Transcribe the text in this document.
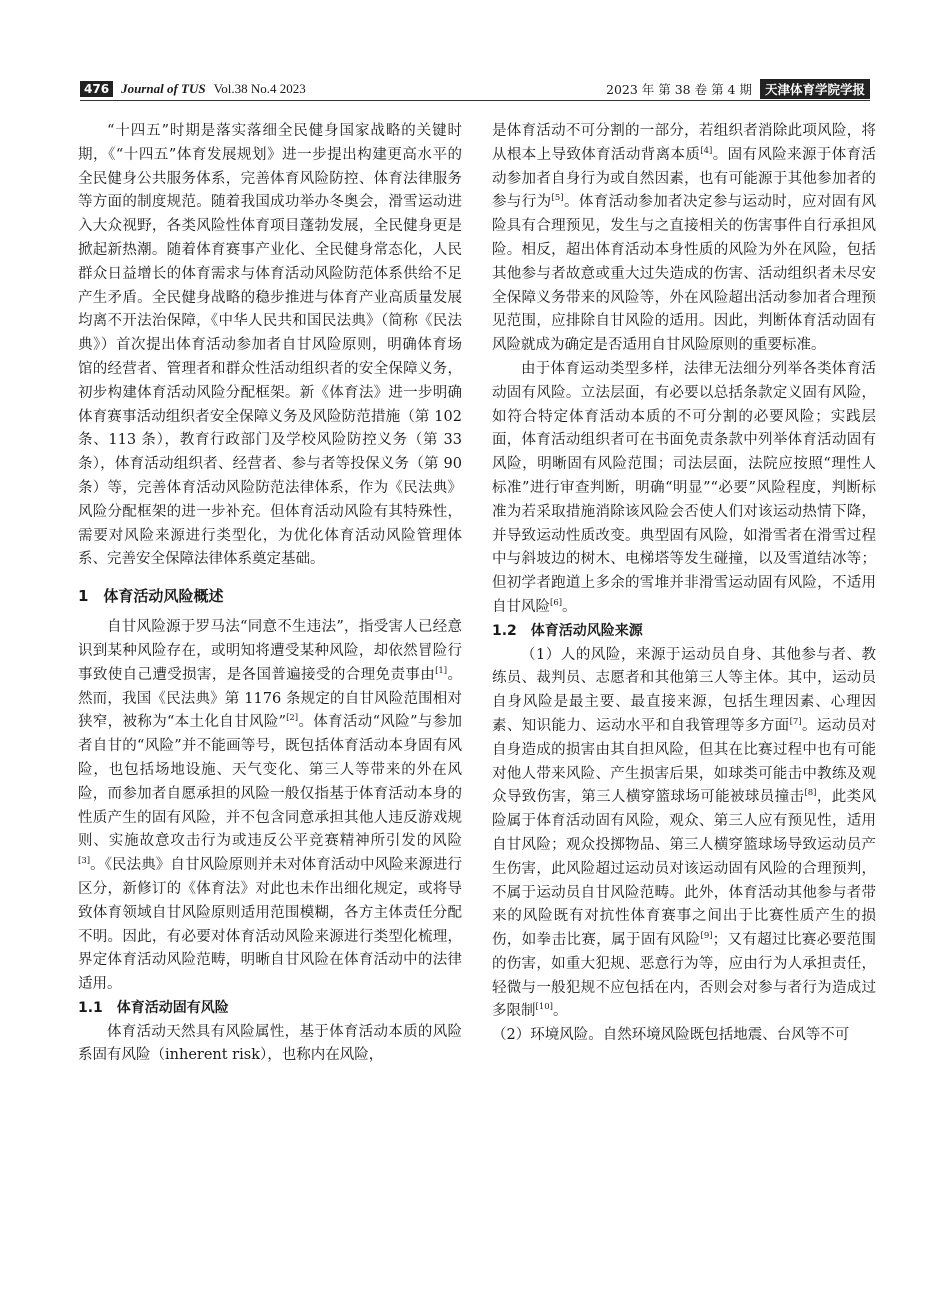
476 Journal of TUS Vol.38 No.4 2023	2023 年 第 38 卷 第 4 期	天津体育学院学报

“十四五”时期是落实落细全民健身国家战略的关键时期，《“十四五”体育发展规划》进一步提出构建更高水平的全民健身公共服务体系，完善体育风险防控、体育法律服务等方面的制度规范。随着我国成功举办冬奥会，滑雪运动进入大众视野，各类风险性体育项目蓬勃发展，全民健身更是掀起新热潮。随着体育赛事产业化、全民健身常态化，人民群众日益增长的体育需求与体育活动风险防范体系供给不足产生矛盾。全民健身战略的稳步推进与体育产业高质量发展均离不开法治保障，《中华人民共和国民法典》（简称《民法典》）首次提出体育活动参加者自甘风险原则，明确体育场馆的经营者、管理者和群众性活动组织者的安全保障义务，初步构建体育活动风险分配框架。新《体育法》进一步明确体育赛事活动组织者安全保障义务及风险防范措施（第 102 条、113 条），教育行政部门及学校风险防控义务（第 33 条），体育活动组织者、经营者、参与者等投保义务（第 90 条）等，完善体育活动风险防范法律体系，作为《民法典》风险分配框架的进一步补充。但体育活动风险有其特殊性，需要对风险来源进行类型化，为优化体育活动风险管理体系、完善安全保障法律体系奠定基础。

1　体育活动风险概述

自甘风险源于罗马法“同意不生违法”，指受害人已经意识到某种风险存在，或明知将遭受某种风险，却依然冒险行事致使自己遭受损害，是各国普遍接受的合理免责事由[1]。然而，我国《民法典》第 1176 条规定的自甘风险范围相对狭窄，被称为“本土化自甘风险”[2]。体育活动“风险”与参加者自甘的“风险”并不能画等号，既包括体育活动本身固有风险，也包括场地设施、天气变化、第三人等带来的外在风险，而参加者自愿承担的风险一般仅指基于体育活动本身的性质产生的固有风险，并不包含同意承担其他人违反游戏规则、实施故意攻击行为或违反公平竞赛精神所引发的风险[3]。《民法典》自甘风险原则并未对体育活动中风险来源进行区分，新修订的《体育法》对此也未作出细化规定，或将导致体育领域自甘风险原则适用范围模糊，各方主体责任分配不明。因此，有必要对体育活动风险来源进行类型化梳理，界定体育活动风险范畴，明晰自甘风险在体育活动中的法律适用。

1.1　体育活动固有风险

体育活动天然具有风险属性，基于体育活动本质的风险系固有风险（inherent risk），也称内在风险，

是体育活动不可分割的一部分，若组织者消除此项风险，将从根本上导致体育活动背离本质[4]。固有风险来源于体育活动参加者自身行为或自然因素，也有可能源于其他参加者的参与行为[5]。体育活动参加者决定参与运动时，应对固有风险具有合理预见，发生与之直接相关的伤害事件自行承担风险。相反，超出体育活动本身性质的风险为外在风险，包括其他参与者故意或重大过失造成的伤害、活动组织者未尽安全保障义务带来的风险等，外在风险超出活动参加者合理预见范围，应排除自甘风险的适用。因此，判断体育活动固有风险就成为确定是否适用自甘风险原则的重要标准。

由于体育运动类型多样，法律无法细分列举各类体育活动固有风险。立法层面，有必要以总括条款定义固有风险，如符合特定体育活动本质的不可分割的必要风险；实践层面，体育活动组织者可在书面免责条款中列举体育活动固有风险，明晰固有风险范围；司法层面，法院应按照“理性人标准”进行审查判断，明确“明显”“必要”风险程度，判断标准为若采取措施消除该风险会否使人们对该运动热情下降，并导致运动性质改变。典型固有风险，如滑雪者在滑雪过程中与斜坡边的树木、电梯塔等发生碰撞，以及雪道结冰等；但初学者跑道上多余的雪堆并非滑雪运动固有风险，不适用自甘风险[6]。

1.2　体育活动风险来源

（1）人的风险，来源于运动员自身、其他参与者、教练员、裁判员、志愿者和其他第三人等主体。其中，运动员自身风险是最主要、最直接来源，包括生理因素、心理因素、知识能力、运动水平和自我管理等多方面[7]。运动员对自身造成的损害由其自担风险，但其在比赛过程中也有可能对他人带来风险、产生损害后果，如球类可能击中教练及观众导致伤害，第三人横穿篮球场可能被球员撞击[8]，此类风险属于体育活动固有风险，观众、第三人应有预见性，适用自甘风险；观众投掷物品、第三人横穿篮球场导致运动员产生伤害，此风险超过运动员对该运动固有风险的合理预判，不属于运动员自甘风险范畴。此外，体育活动其他参与者带来的风险既有对抗性体育赛事之间出于比赛性质产生的损伤，如拳击比赛，属于固有风险[9]；又有超过比赛必要范围的伤害，如重大犯规、恶意行为等，应由行为人承担责任，轻微与一般犯规不应包括在内，否则会对参与者行为造成过多限制[10]。

（2）环境风险。自然环境风险既包括地震、台风等不可
